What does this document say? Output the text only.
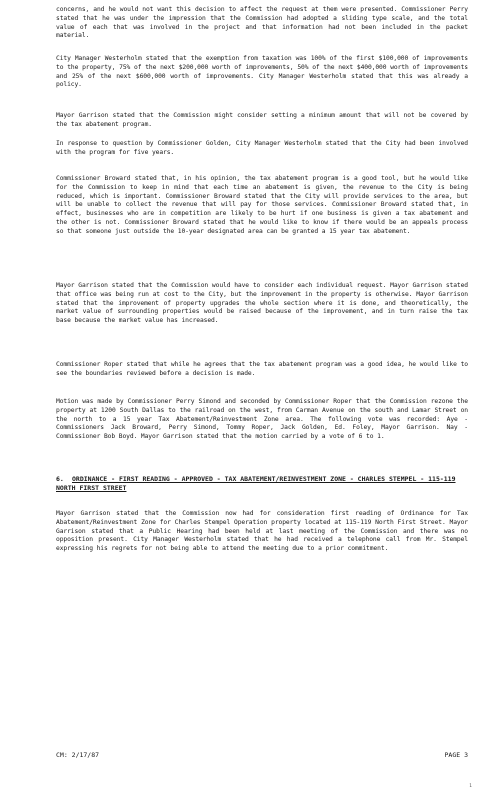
concerns, and he would not want this decision to affect the request at them were presented. Commissioner Perry stated that he was under the impression that the Commission had adopted a sliding type scale, and the total value of each that was involved in the project and that information had not been included in the packet material.

City Manager Westerholm stated that the exemption from taxation was 100% of the first $100,000 of improvements to the property, 75% of the next $200,000 worth of improvements, 50% of the next $400,000 worth of improvements and 25% of the next $600,000 worth of improvements. City Manager Westerholm stated that this was already a policy.

Mayor Garrison stated that the Commission might consider setting a minimum amount that will not be covered by the tax abatement program.

In response to question by Commissioner Golden, City Manager Westerholm stated that the City had been involved with the program for five years.

Commissioner Broward stated that, in his opinion, the tax abatement program is a good tool, but he would like for the Commission to keep in mind that each time an abatement is given, the revenue to the City is being reduced, which is important. Commissioner Broward stated that the City will provide services to the area, but will be unable to collect the revenue that will pay for those services. Commissioner Broward stated that, in effect, businesses who are in competition are likely to be hurt if one business is given a tax abatement and the other is not. Commissioner Broward stated that he would like to know if there would be an appeals process so that someone just outside the 10-year designated area can be granted a 15 year tax abatement.

Mayor Garrison stated that the Commission would have to consider each individual request. Mayor Garrison stated that office was being run at cost to the City, but the improvement in the property is otherwise. Mayor Garrison stated that the improvement of property upgrades the whole section where it is done, and theoretically, the market value of surrounding properties would be raised because of the improvement, and in turn raise the tax base because the market value has increased.

Commissioner Roper stated that while he agrees that the tax abatement program was a good idea, he would like to see the boundaries reviewed before a decision is made.

Motion was made by Commissioner Perry Simond and seconded by Commissioner Roper that the Commission rezone the property at 1200 South Dallas to the railroad on the west, from Carman Avenue on the south and Lamar Street on the north to a 15 year Tax Abatement/Reinvestment Zone area. The following vote was recorded: Aye - Commissioners Jack Broward, Perry Simond, Tommy Roper, Jack Golden, Ed. Foley, Mayor Garrison. Nay - Commissioner Bob Boyd. Mayor Garrison stated that the motion carried by a vote of 6 to 1.

6. ORDINANCE - FIRST READING - APPROVED - TAX ABATEMENT/REINVESTMENT ZONE - CHARLES STEMPEL - 115-119 NORTH FIRST STREET

Mayor Garrison stated that the Commission now had for consideration first reading of Ordinance for Tax Abatement/Reinvestment Zone for Charles Stempel Operation property located at 115-119 North First Street. Mayor Garrison stated that a Public Hearing had been held at last meeting of the Commission and there was no opposition present. City Manager Westerholm stated that he had received a telephone call from Mr. Stempel expressing his regrets for not being able to attend the meeting due to a prior commitment.

CM: 2/17/87	PAGE 3
1
